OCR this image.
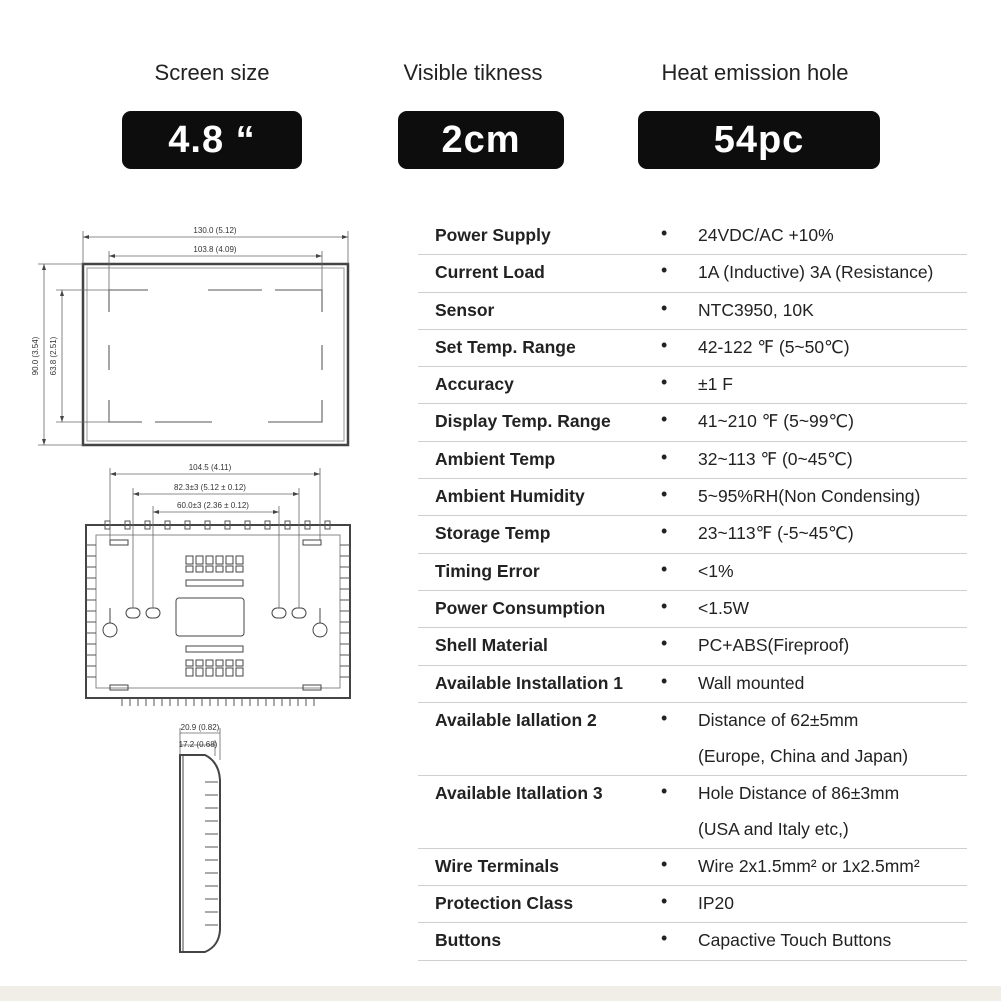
Screen size
4.8 “
Visible tikness
2cm
Heat emission hole
54pc
130.0 (5.12)
103.8 (4.09)
90.0 (3.54) 63.8 (2.51)
104.5 (4.11)
82.3±3 (5.12 ± 0.12)
60.0±3 (2.36 ± 0.12)
20.9 (0.82)
17.2 (0.68)
Power Supply	• 24VDC/AC +10%
Current Load	• 1A (Inductive) 3A (Resistance)
Sensor	• NTC3950, 10K
Set Temp. Range	• 42-122 ℉ (5~50℃)
Accuracy	• ±1 F
Display Temp. Range	• 41~210 ℉ (5~99℃)
Ambient Temp	• 32~113 ℉ (0~45℃)
Ambient Humidity	• 5~95%RH(Non Condensing)
Storage Temp	• 23~113℉ (-5~45℃)
Timing Error	• <1%
Power Consumption	• <1.5W
Shell Material	• PC+ABS(Fireproof)
Available Installation 1 • Wall mounted
Available Iallation 2	• Distance of 62±5mm
(Europe, China and Japan)
Available Itallation 3	• Hole Distance of 86±3mm
(USA and Italy etc,)
Wire Terminals	• Wire 2x1.5mm² or 1x2.5mm²
Protection Class	• IP20
Buttons	• Capactive Touch Buttons
